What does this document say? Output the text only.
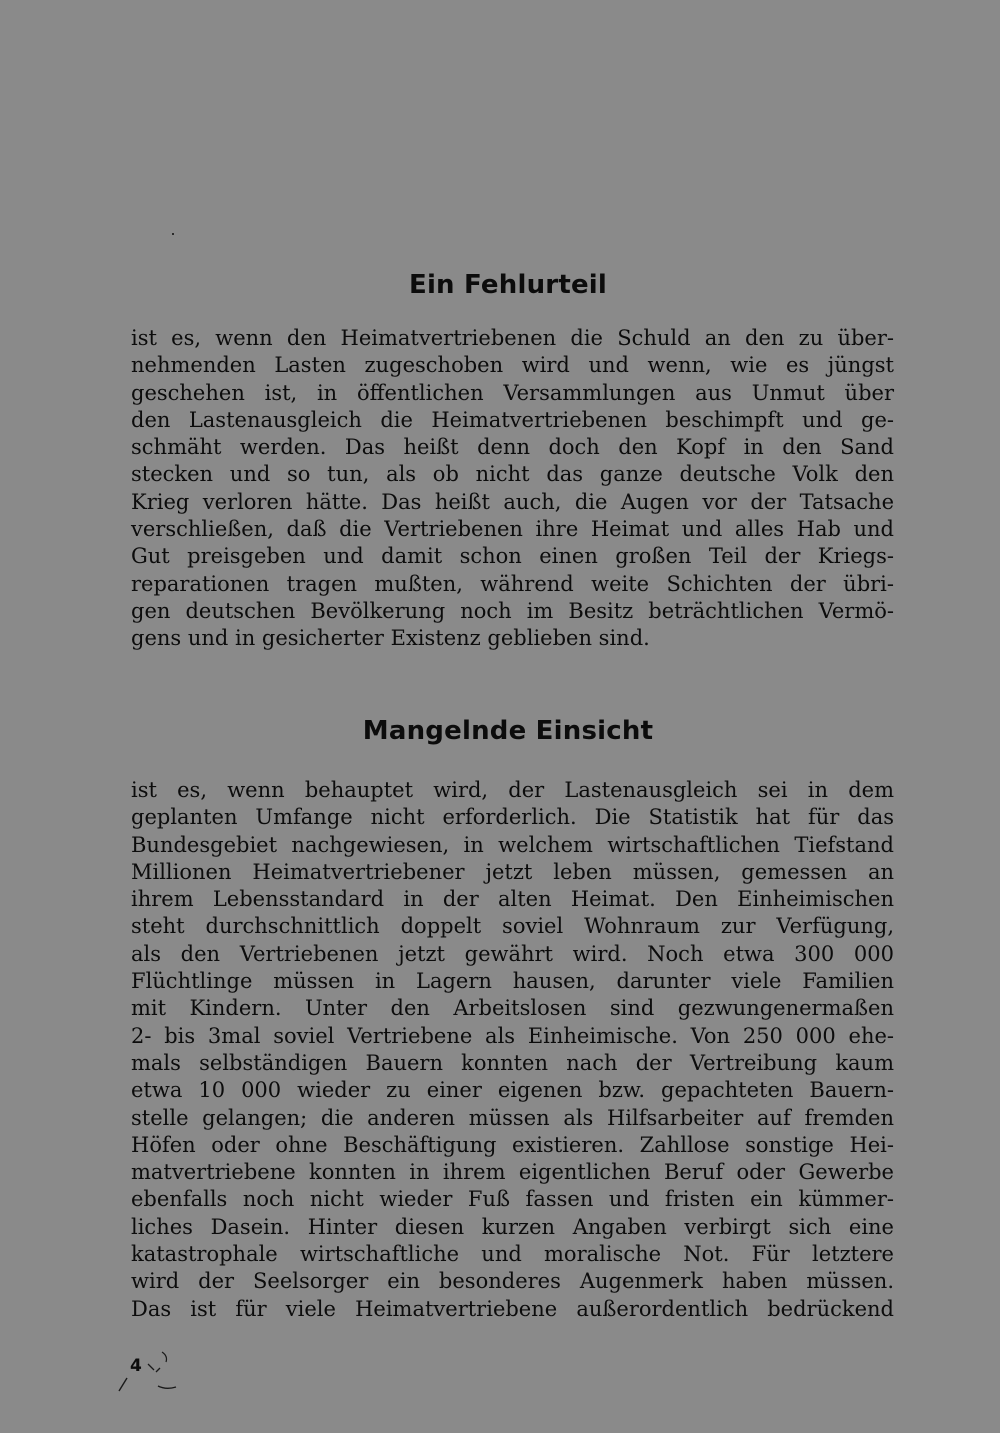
Ein Fehlurteil
ist es, wenn den Heimatvertriebenen die Schuld an den zu über-
nehmenden Lasten zugeschoben wird und wenn, wie es jüngst
geschehen ist, in öffentlichen Versammlungen aus Unmut über
den Lastenausgleich die Heimatvertriebenen beschimpft und ge-
schmäht werden. Das heißt denn doch den Kopf in den Sand
stecken und so tun, als ob nicht das ganze deutsche Volk den
Krieg verloren hätte. Das heißt auch, die Augen vor der Tatsache
verschließen, daß die Vertriebenen ihre Heimat und alles Hab und
Gut preisgeben und damit schon einen großen Teil der Kriegs-
reparationen tragen mußten, während weite Schichten der übri-
gen deutschen Bevölkerung noch im Besitz beträchtlichen Vermö-
gens und in gesicherter Existenz geblieben sind.
Mangelnde Einsicht
ist es, wenn behauptet wird, der Lastenausgleich sei in dem
geplanten Umfange nicht erforderlich. Die Statistik hat für das
Bundesgebiet nachgewiesen, in welchem wirtschaftlichen Tiefstand
Millionen Heimatvertriebener jetzt leben müssen, gemessen an
ihrem Lebensstandard in der alten Heimat. Den Einheimischen
steht durchschnittlich doppelt soviel Wohnraum zur Verfügung,
als den Vertriebenen jetzt gewährt wird. Noch etwa 300 000
Flüchtlinge müssen in Lagern hausen, darunter viele Familien
mit Kindern. Unter den Arbeitslosen sind gezwungenermaßen
2- bis 3mal soviel Vertriebene als Einheimische. Von 250 000 ehe-
mals selbständigen Bauern konnten nach der Vertreibung kaum
etwa 10 000 wieder zu einer eigenen bzw. gepachteten Bauern-
stelle gelangen; die anderen müssen als Hilfsarbeiter auf fremden
Höfen oder ohne Beschäftigung existieren. Zahllose sonstige Hei-
matvertriebene konnten in ihrem eigentlichen Beruf oder Gewerbe
ebenfalls noch nicht wieder Fuß fassen und fristen ein kümmer-
liches Dasein. Hinter diesen kurzen Angaben verbirgt sich eine
katastrophale wirtschaftliche und moralische Not. Für letztere
wird der Seelsorger ein besonderes Augenmerk haben müssen.
Das ist für viele Heimatvertriebene außerordentlich bedrückend
4
